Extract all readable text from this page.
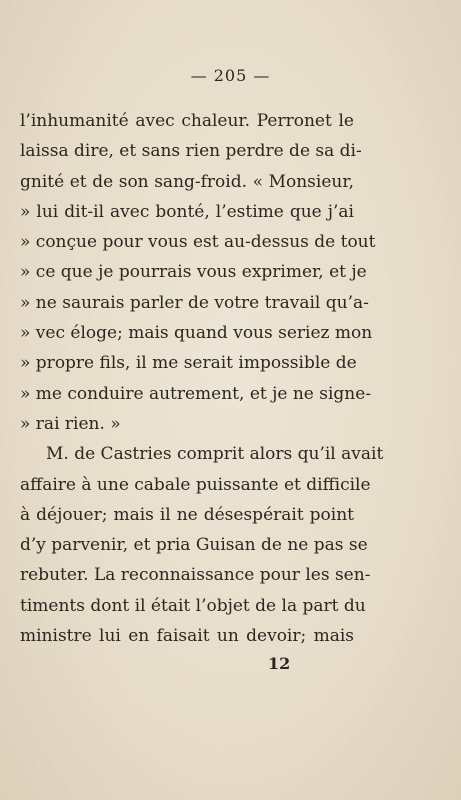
— 205 —
l’inhumanité avec chaleur. Perronet le
laissa dire, et sans rien perdre de sa di-
gnité et de son sang-froid. « Monsieur,
» lui dit-il avec bonté, l’estime que j’ai
» conçue pour vous est au-dessus de tout
» ce que je pourrais vous exprimer, et je
» ne saurais parler de votre travail qu’a-
» vec éloge; mais quand vous seriez mon
» propre fils, il me serait impossible de
» me conduire autrement, et je ne signe-
» rai rien. »
M. de Castries comprit alors qu’il avait
affaire à une cabale puissante et difficile
à déjouer; mais il ne désespérait point
d’y parvenir, et pria Guisan de ne pas se
rebuter. La reconnaissance pour les sen-
timents dont il était l’objet de la part du
ministre lui en faisait un devoir; mais
12
